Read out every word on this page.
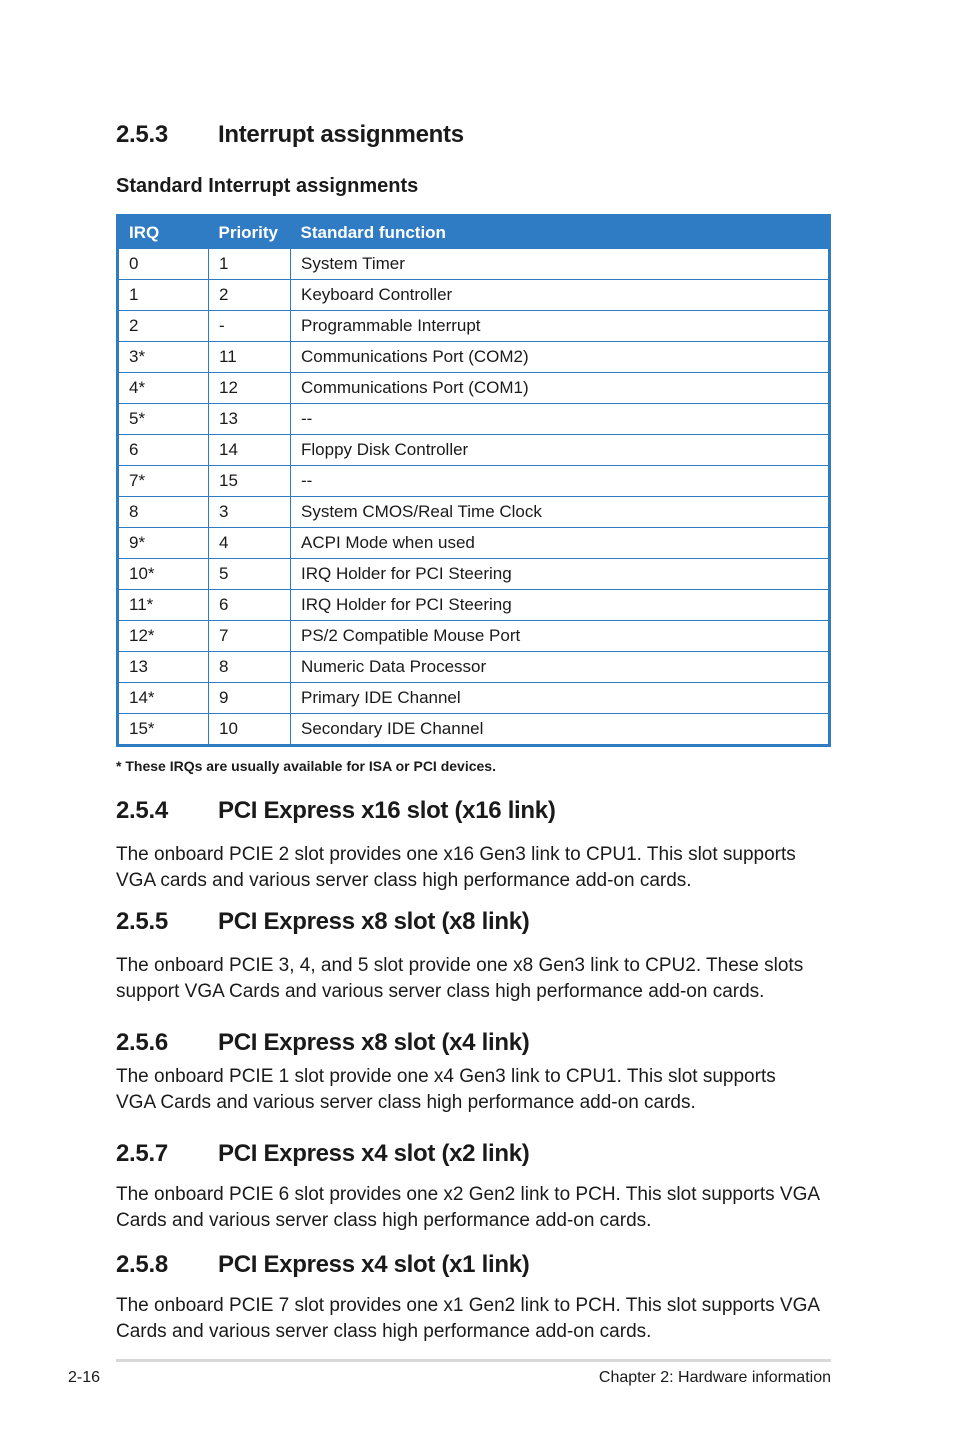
2.5.3 Interrupt assignments
Standard Interrupt assignments
IRQ	Priority	Standard function
0	1	System Timer
1	2	Keyboard Controller
2	-	Programmable Interrupt
3*	11	Communications Port (COM2)
4*	12	Communications Port (COM1)
5*	13	--
6	14	Floppy Disk Controller
7*	15	--
8	3	System CMOS/Real Time Clock
9*	4	ACPI Mode when used
10*	5	IRQ Holder for PCI Steering
11*	6	IRQ Holder for PCI Steering
12*	7	PS/2 Compatible Mouse Port
13	8	Numeric Data Processor
14*	9	Primary IDE Channel
15*	10	Secondary IDE Channel
* These IRQs are usually available for ISA or PCI devices.
2.5.4 PCI Express x16 slot (x16 link)
The onboard PCIE 2 slot provides one x16 Gen3 link to CPU1. This slot supports
VGA cards and various server class high performance add-on cards.
2.5.5 PCI Express x8 slot (x8 link)
The onboard PCIE 3, 4, and 5 slot provide one x8 Gen3 link to CPU2. These slots
support VGA Cards and various server class high performance add-on cards.
2.5.6 PCI Express x8 slot (x4 link)
The onboard PCIE 1 slot provide one x4 Gen3 link to CPU1. This slot supports
VGA Cards and various server class high performance add-on cards.
2.5.7 PCI Express x4 slot (x2 link)
The onboard PCIE 6 slot provides one x2 Gen2 link to PCH. This slot supports VGA
Cards and various server class high performance add-on cards.
2.5.8 PCI Express x4 slot (x1 link)
The onboard PCIE 7 slot provides one x1 Gen2 link to PCH. This slot supports VGA
Cards and various server class high performance add-on cards.
2-16	Chapter 2: Hardware information
